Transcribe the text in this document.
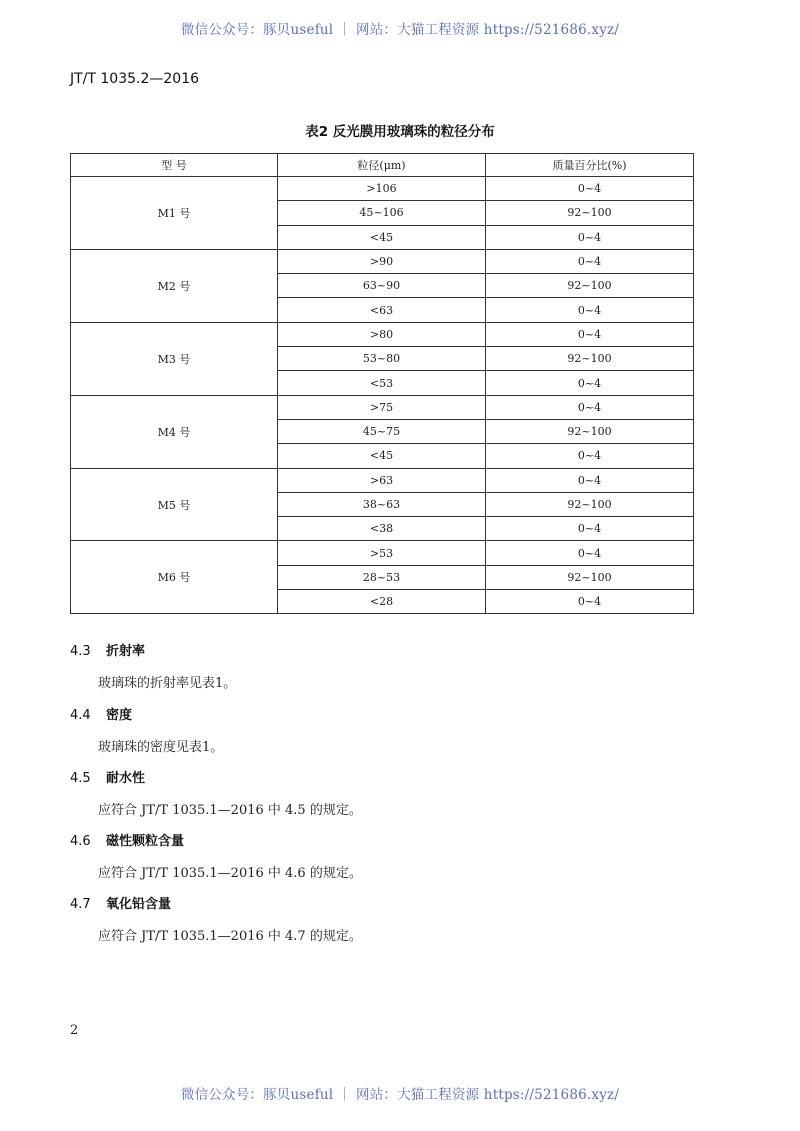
微信公众号：豚贝useful ｜ 网站：大猫工程资源 https://521686.xyz/
JT/T 1035.2—2016
表2 反光膜用玻璃珠的粒径分布
型 号	粒径(μm)	质量百分比(%)
M1 号	>106	0~4
	45~106	92~100
	<45	0~4
M2 号	>90	0~4
	63~90	92~100
	<63	0~4
M3 号	>80	0~4
	53~80	92~100
	<53	0~4
M4 号	>75	0~4
	45~75	92~100
	<45	0~4
M5 号	>63	0~4
	38~63	92~100
	<38	0~4
M6 号	>53	0~4
	28~53	92~100
	<28	0~4
4.3 折射率
玻璃珠的折射率见表1。
4.4 密度
玻璃珠的密度见表1。
4.5 耐水性
应符合 JT/T 1035.1—2016 中 4.5 的规定。
4.6 磁性颗粒含量
应符合 JT/T 1035.1—2016 中 4.6 的规定。
4.7 氧化铅含量
应符合 JT/T 1035.1—2016 中 4.7 的规定。
2
微信公众号：豚贝useful ｜ 网站：大猫工程资源 https://521686.xyz/
